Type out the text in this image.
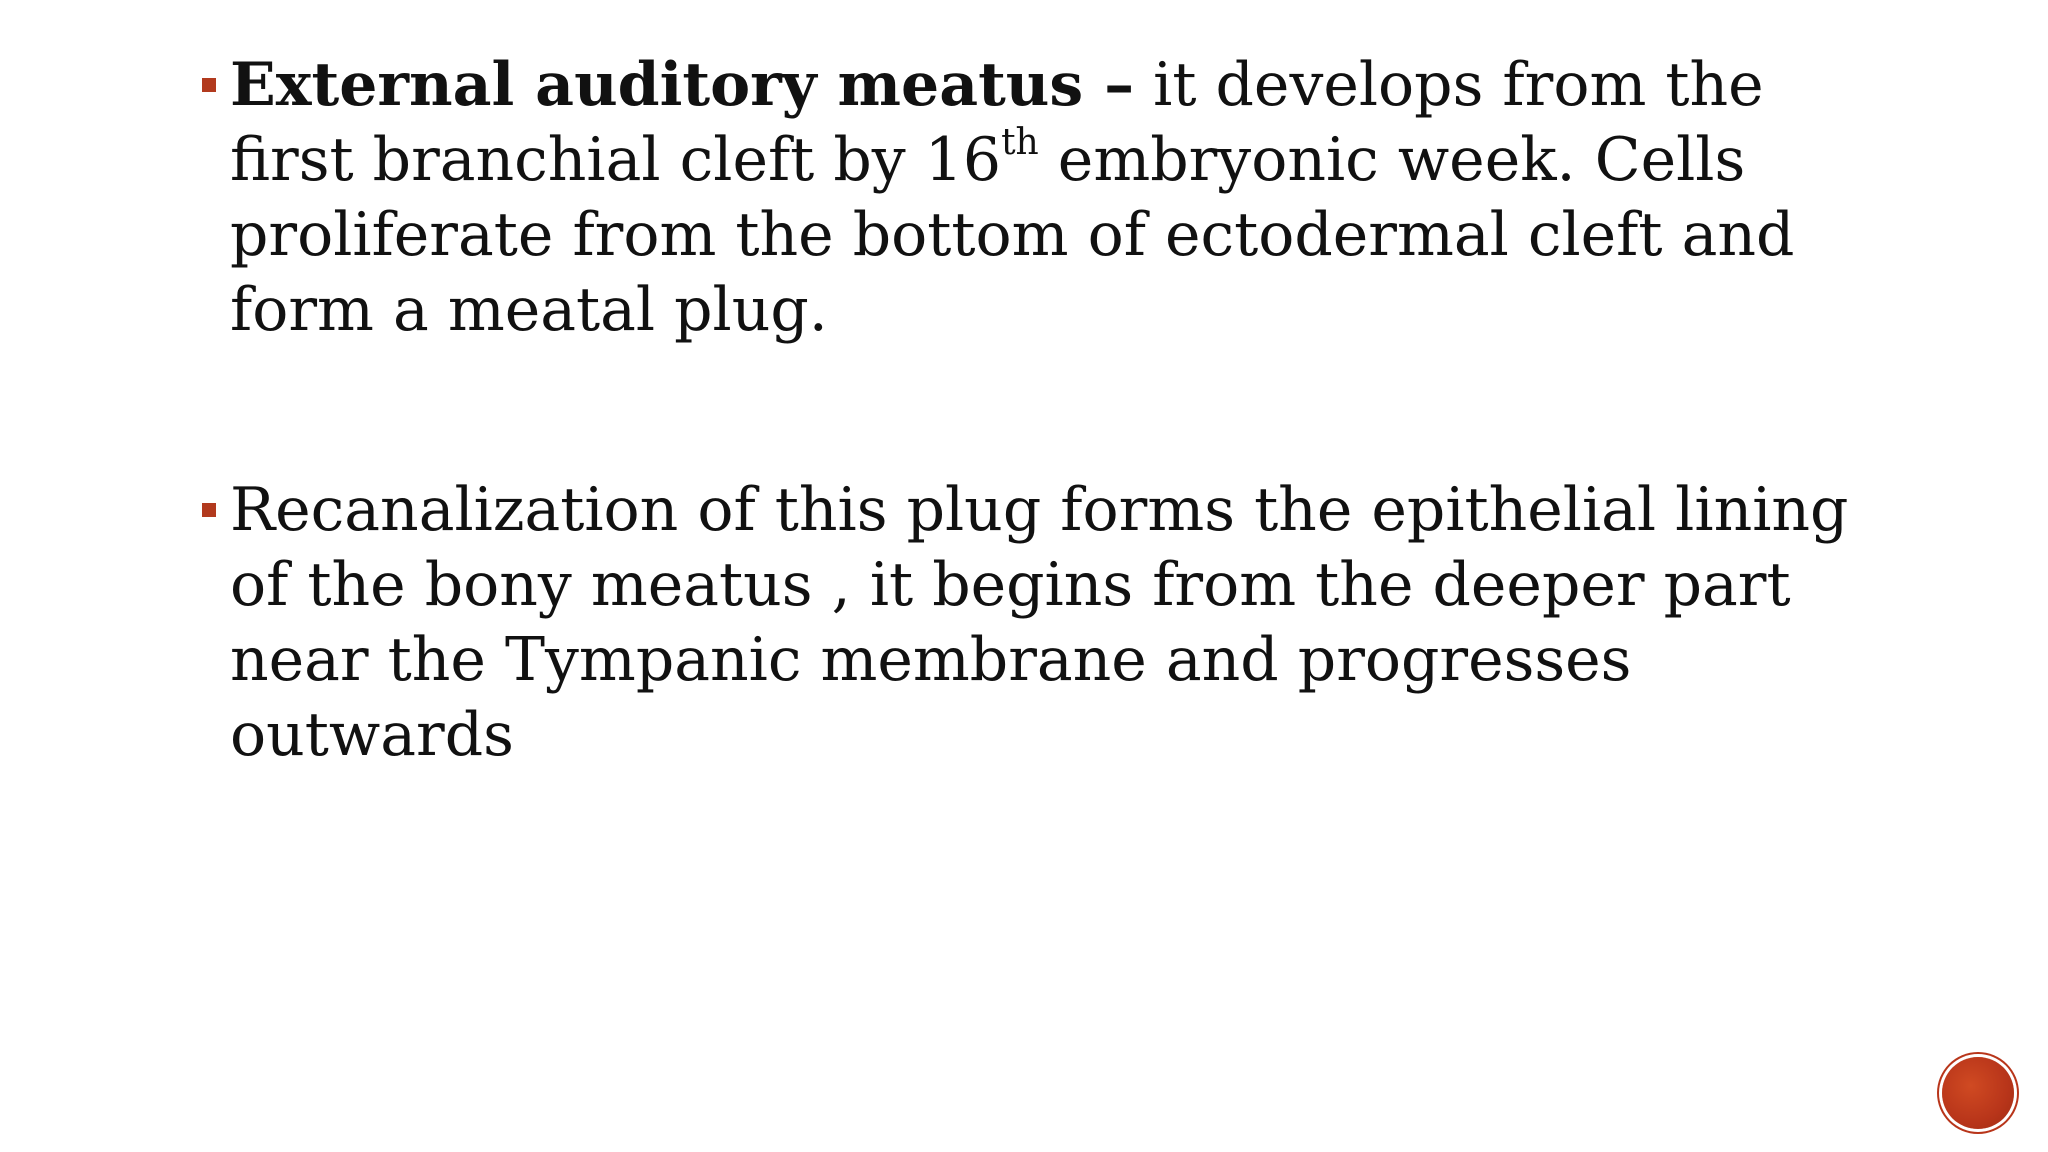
External auditory meatus – it develops from the first branchial cleft by 16th embryonic week. Cells proliferate from the bottom of ectodermal cleft and form a meatal plug.
Recanalization of this plug forms the epithelial lining of the bony meatus , it begins from the deeper part near the Tympanic membrane and progresses outwards
